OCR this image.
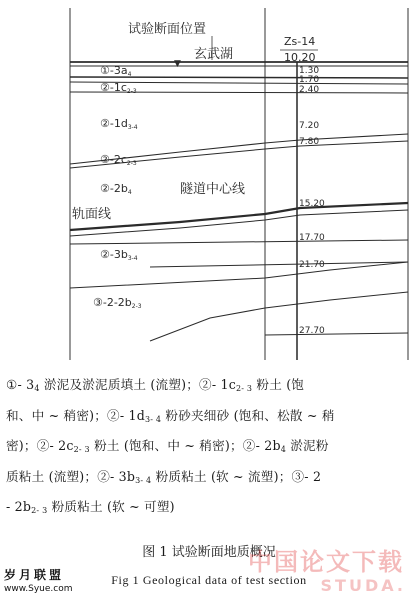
试验断面位置
玄武湖
▼
Zs-14
10.20
隧道中心线
轨面线
①-3a4
②-1c2-3
②-1d3-4
②-2c2-3
②-2b4
②-3b3-4
③-2-2b2-3
1.30
1.70
2.40
7.20
7.80
15.20
17.70
21.70
27.70
①- $3_4$ 淤泥及淤泥质填土 (流塑)；②- $1c_{2- 3}$ 粉土 (饱
和、中 ~ 稍密)；②- $1d_{3- 4}$ 粉砂夹细砂 (饱和、松散 ~ 稍
密)；②- $2c_{2- 3}$ 粉土 (饱和、中 ~ 稍密)；②- $2b_4$ 淤泥粉
质粘土 (流塑)；②- $3b_{3- 4}$ 粉质粘土 (软 ~ 流塑)；③- 2
- $2b_{2- 3}$ 粉质粘土 (软 ~ 可塑)
图 1 试验断面地质概况
Fig 1 Geological data of test section
中国论文下载
STUDA.
岁月联盟
www.Syue.com
